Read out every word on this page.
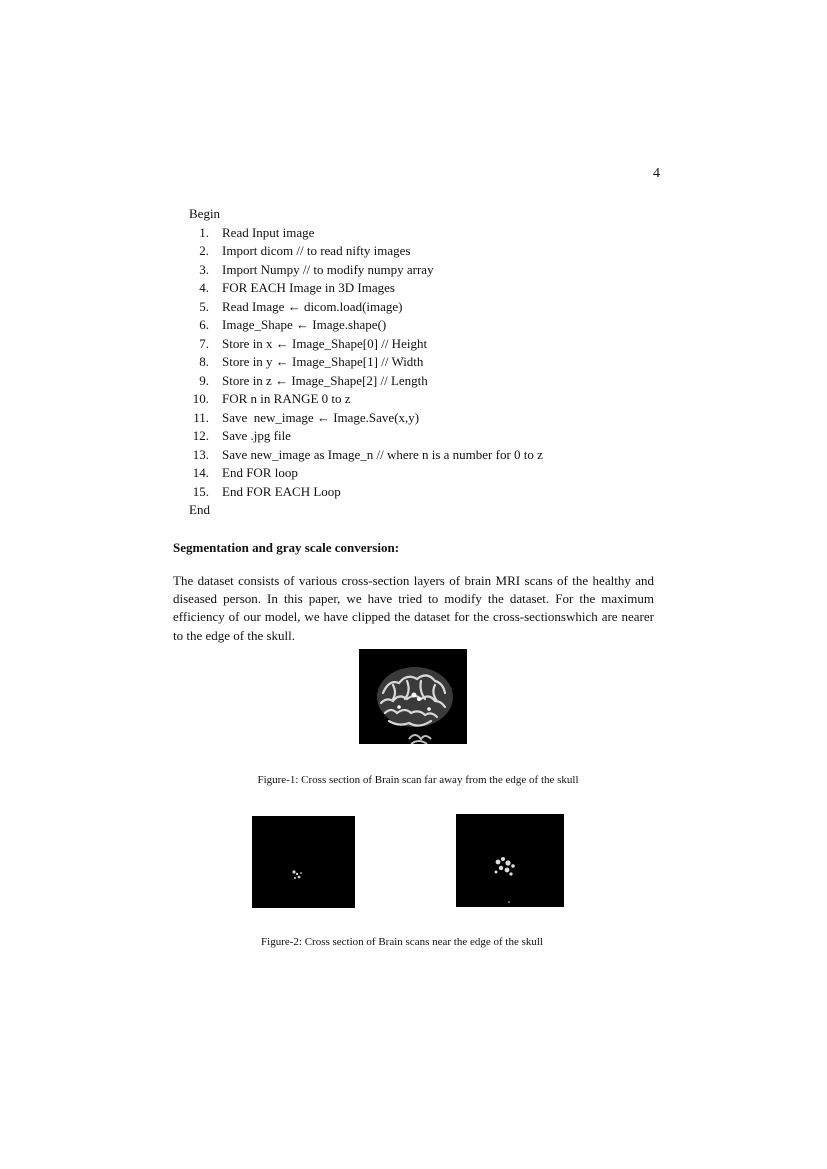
4
Begin
1. Read Input image
2. Import dicom // to read nifty images
3. Import Numpy // to modify numpy array
4. FOR EACH Image in 3D Images
5. Read Image ← dicom.load(image)
6. Image_Shape ← Image.shape()
7. Store in x ← Image_Shape[0] // Height
8. Store in y ← Image_Shape[1] // Width
9. Store in z ← Image_Shape[2] // Length
10. FOR n in RANGE 0 to z
11. Save  new_image ← Image.Save(x,y)
12. Save .jpg file
13. Save new_image as Image_n // where n is a number for 0 to z
14. End FOR loop
15. End FOR EACH Loop
End
Segmentation and gray scale conversion:

The dataset consists of various cross-section layers of brain MRI scans of the healthy and diseased person. In this paper, we have tried to modify the dataset. For the maximum efficiency of our model, we have clipped the dataset for the cross-sectionswhich are nearer to the edge of the skull.

Figure-1: Cross section of Brain scan far away from the edge of the skull

Figure-2: Cross section of Brain scans near the edge of the skull
